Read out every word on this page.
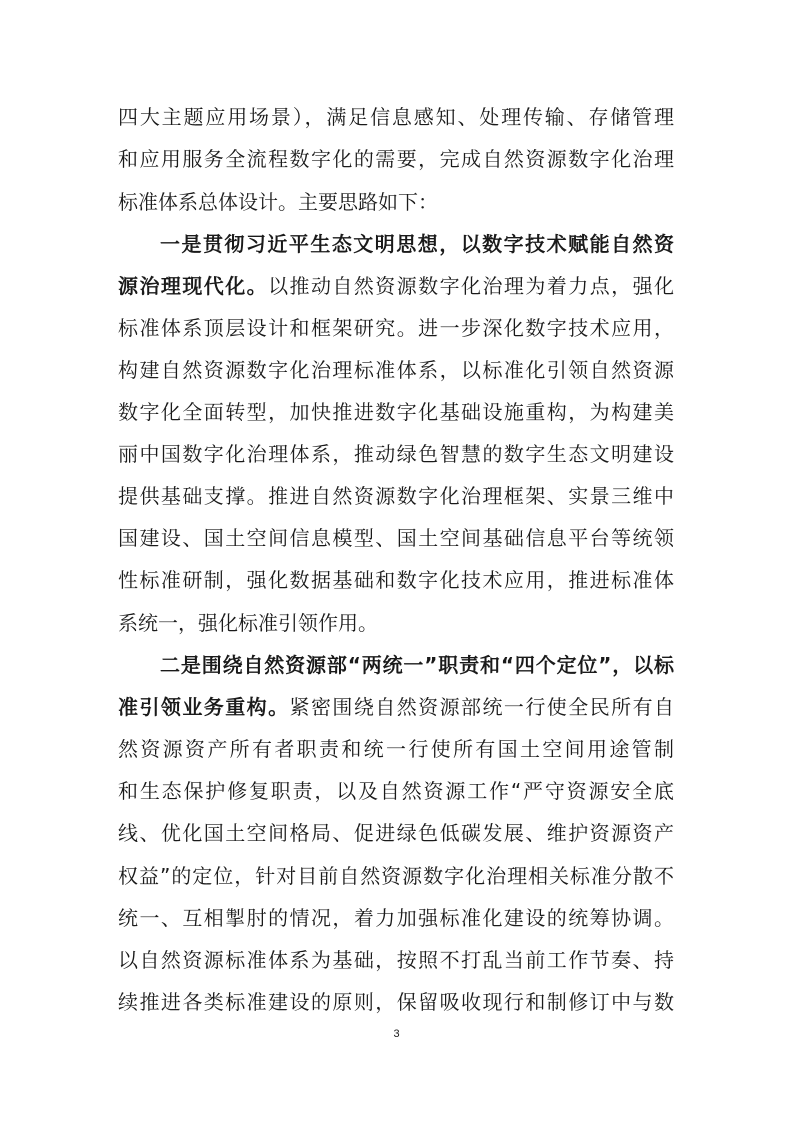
四大主题应用场景），满足信息感知、处理传输、存储管理
和应用服务全流程数字化的需要，完成自然资源数字化治理
标准体系总体设计。主要思路如下：
一是贯彻习近平生态文明思想，以数字技术赋能自然资
源治理现代化。以推动自然资源数字化治理为着力点，强化
标准体系顶层设计和框架研究。进一步深化数字技术应用，
构建自然资源数字化治理标准体系，以标准化引领自然资源
数字化全面转型，加快推进数字化基础设施重构，为构建美
丽中国数字化治理体系，推动绿色智慧的数字生态文明建设
提供基础支撑。推进自然资源数字化治理框架、实景三维中
国建设、国土空间信息模型、国土空间基础信息平台等统领
性标准研制，强化数据基础和数字化技术应用，推进标准体
系统一，强化标准引领作用。
二是围绕自然资源部“两统一”职责和“四个定位”，以标
准引领业务重构。紧密围绕自然资源部统一行使全民所有自
然资源资产所有者职责和统一行使所有国土空间用途管制
和生态保护修复职责，以及自然资源工作“严守资源安全底
线、优化国土空间格局、促进绿色低碳发展、维护资源资产
权益”的定位，针对目前自然资源数字化治理相关标准分散不
统一、互相掣肘的情况，着力加强标准化建设的统筹协调。
以自然资源标准体系为基础，按照不打乱当前工作节奏、持
续推进各类标准建设的原则，保留吸收现行和制修订中与数
3
